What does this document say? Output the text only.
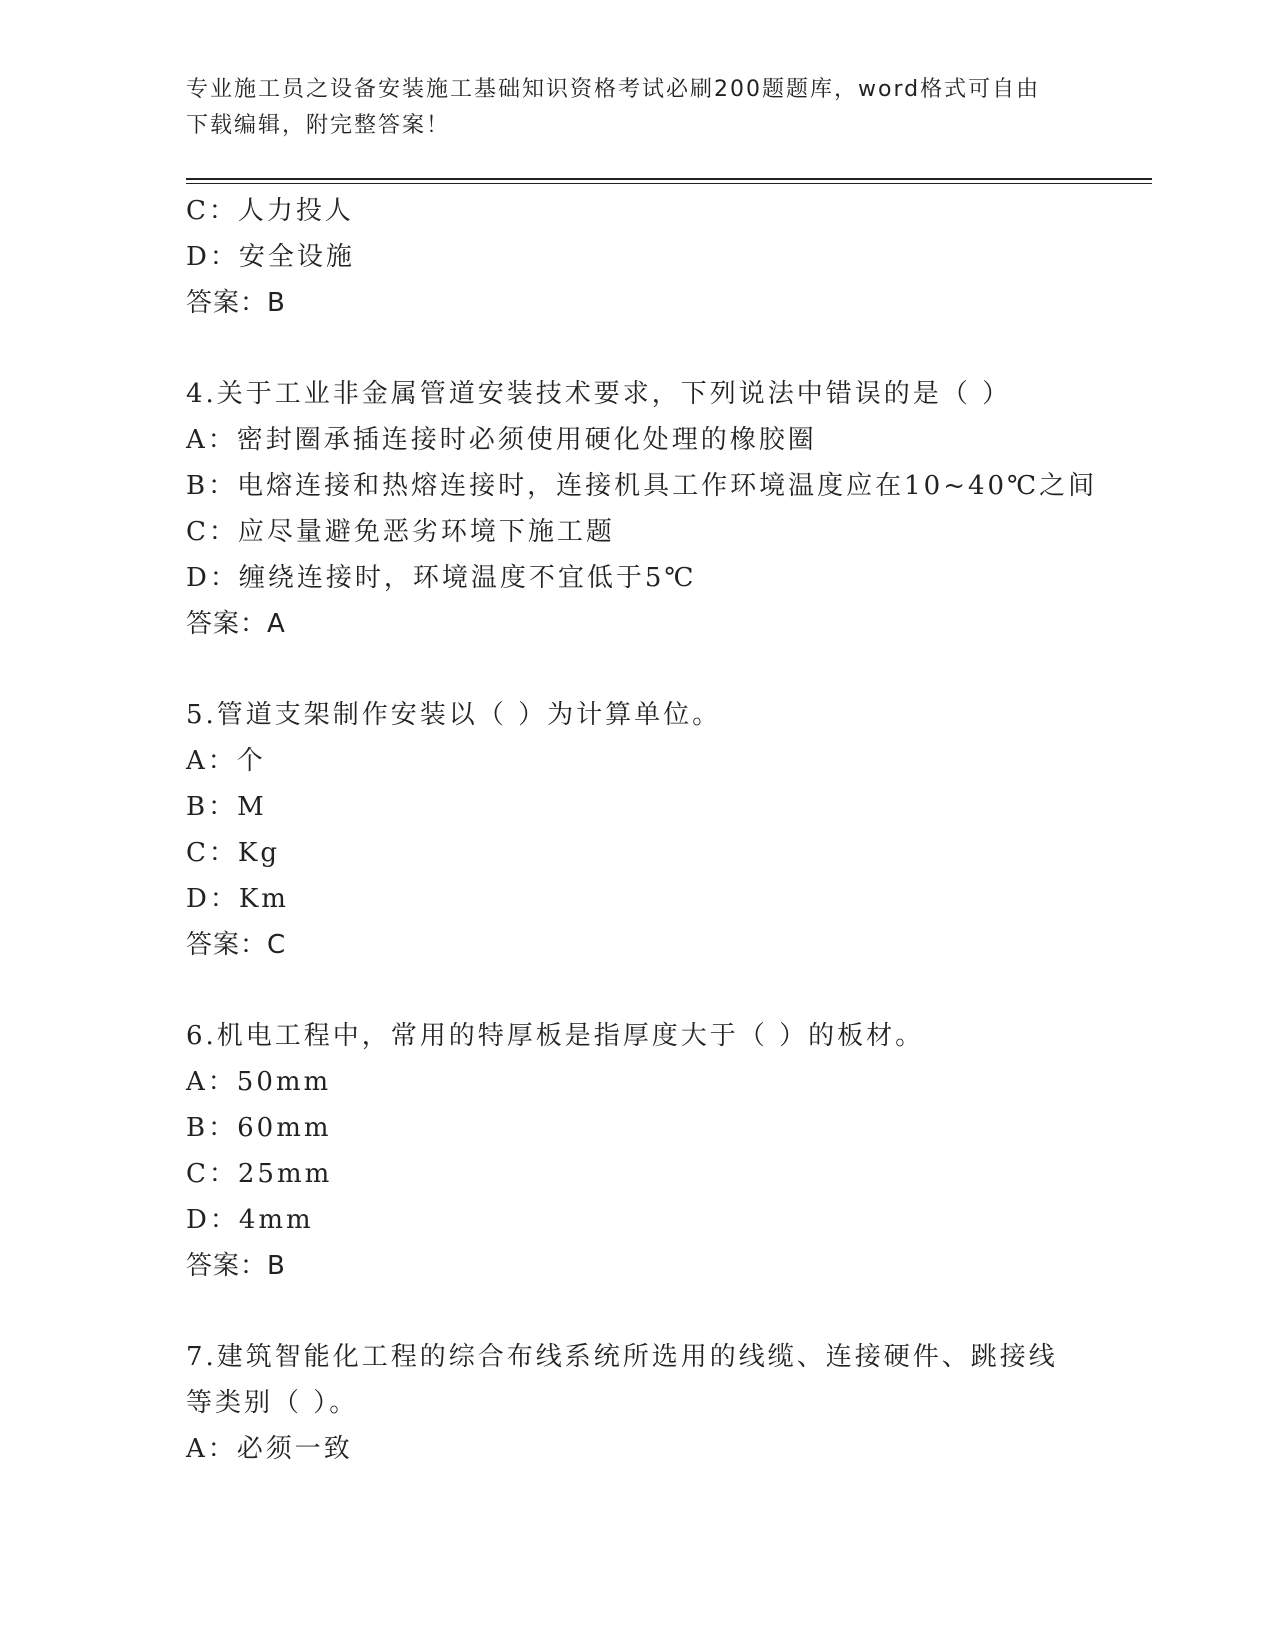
专业施工员之设备安装施工基础知识资格考试必刷200题题库，word格式可自由
下载编辑，附完整答案！
C：人力投人
D：安全设施
答案：B
4.关于工业非金属管道安装技术要求，下列说法中错误的是（ ）
A：密封圈承插连接时必须使用硬化处理的橡胶圈
B：电熔连接和热熔连接时，连接机具工作环境温度应在10~40℃之间
C：应尽量避免恶劣环境下施工题
D：缠绕连接时，环境温度不宜低于5℃
答案：A
5.管道支架制作安装以（ ）为计算单位。
A：个
B：M
C：Kg
D：Km
答案：C
6.机电工程中，常用的特厚板是指厚度大于（ ）的板材。
A：50mm
B：60mm
C：25mm
D：4mm
答案：B
7.建筑智能化工程的综合布线系统所选用的线缆、连接硬件、跳接线
等类别（ ）。
A：必须一致
